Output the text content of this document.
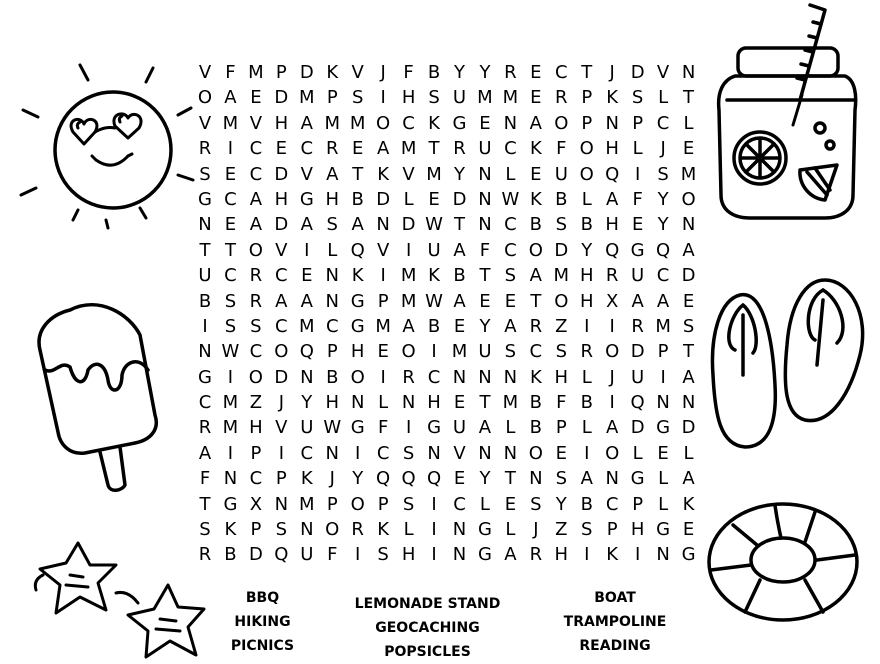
V F M P D K V J F B Y Y R E C T J D V N
O A E D M P S I H S U M M E R P K S L T
V M V H A M M O C K G E N A O P N P C L
R I C E C R E A M T R U C K F O H L J E
S E C D V A T K V M Y N L E U O Q I S M
G C A H G H B D L E D N W K B L A F Y O
N E A D A S A N D W T N C B S B H E Y N
T T O V I L Q V I U A F C O D Y Q G Q A
U C R C E N K I M K B T S A M H R U C D
B S R A A N G P M W A E E T O H X A A E
I S S C M C G M A B E Y A R Z I	I R M S
N W C O Q P H E O I M U S C S R O D P T
G I O D N B O I R C N N N K H L J U I A
C M Z J Y H N L N H E T M B F B I Q N N
R M H V U W G F I G U A L B P L A D G D
A I P I C N I C S N V N N O E I O L E L
F N C P K J Y Q Q Q E Y T N S A N G L A
T G X N M P O P S I C L E S Y B C P L K
S K P S N O R K L I N G L J Z S P H G E
R B D Q U F I S H I N G A R H I K I N G
BBQ
HIKING
PICNICS
LEMONADE STAND
GEOCACHING
POPSICLES
BOAT
TRAMPOLINE
READING
